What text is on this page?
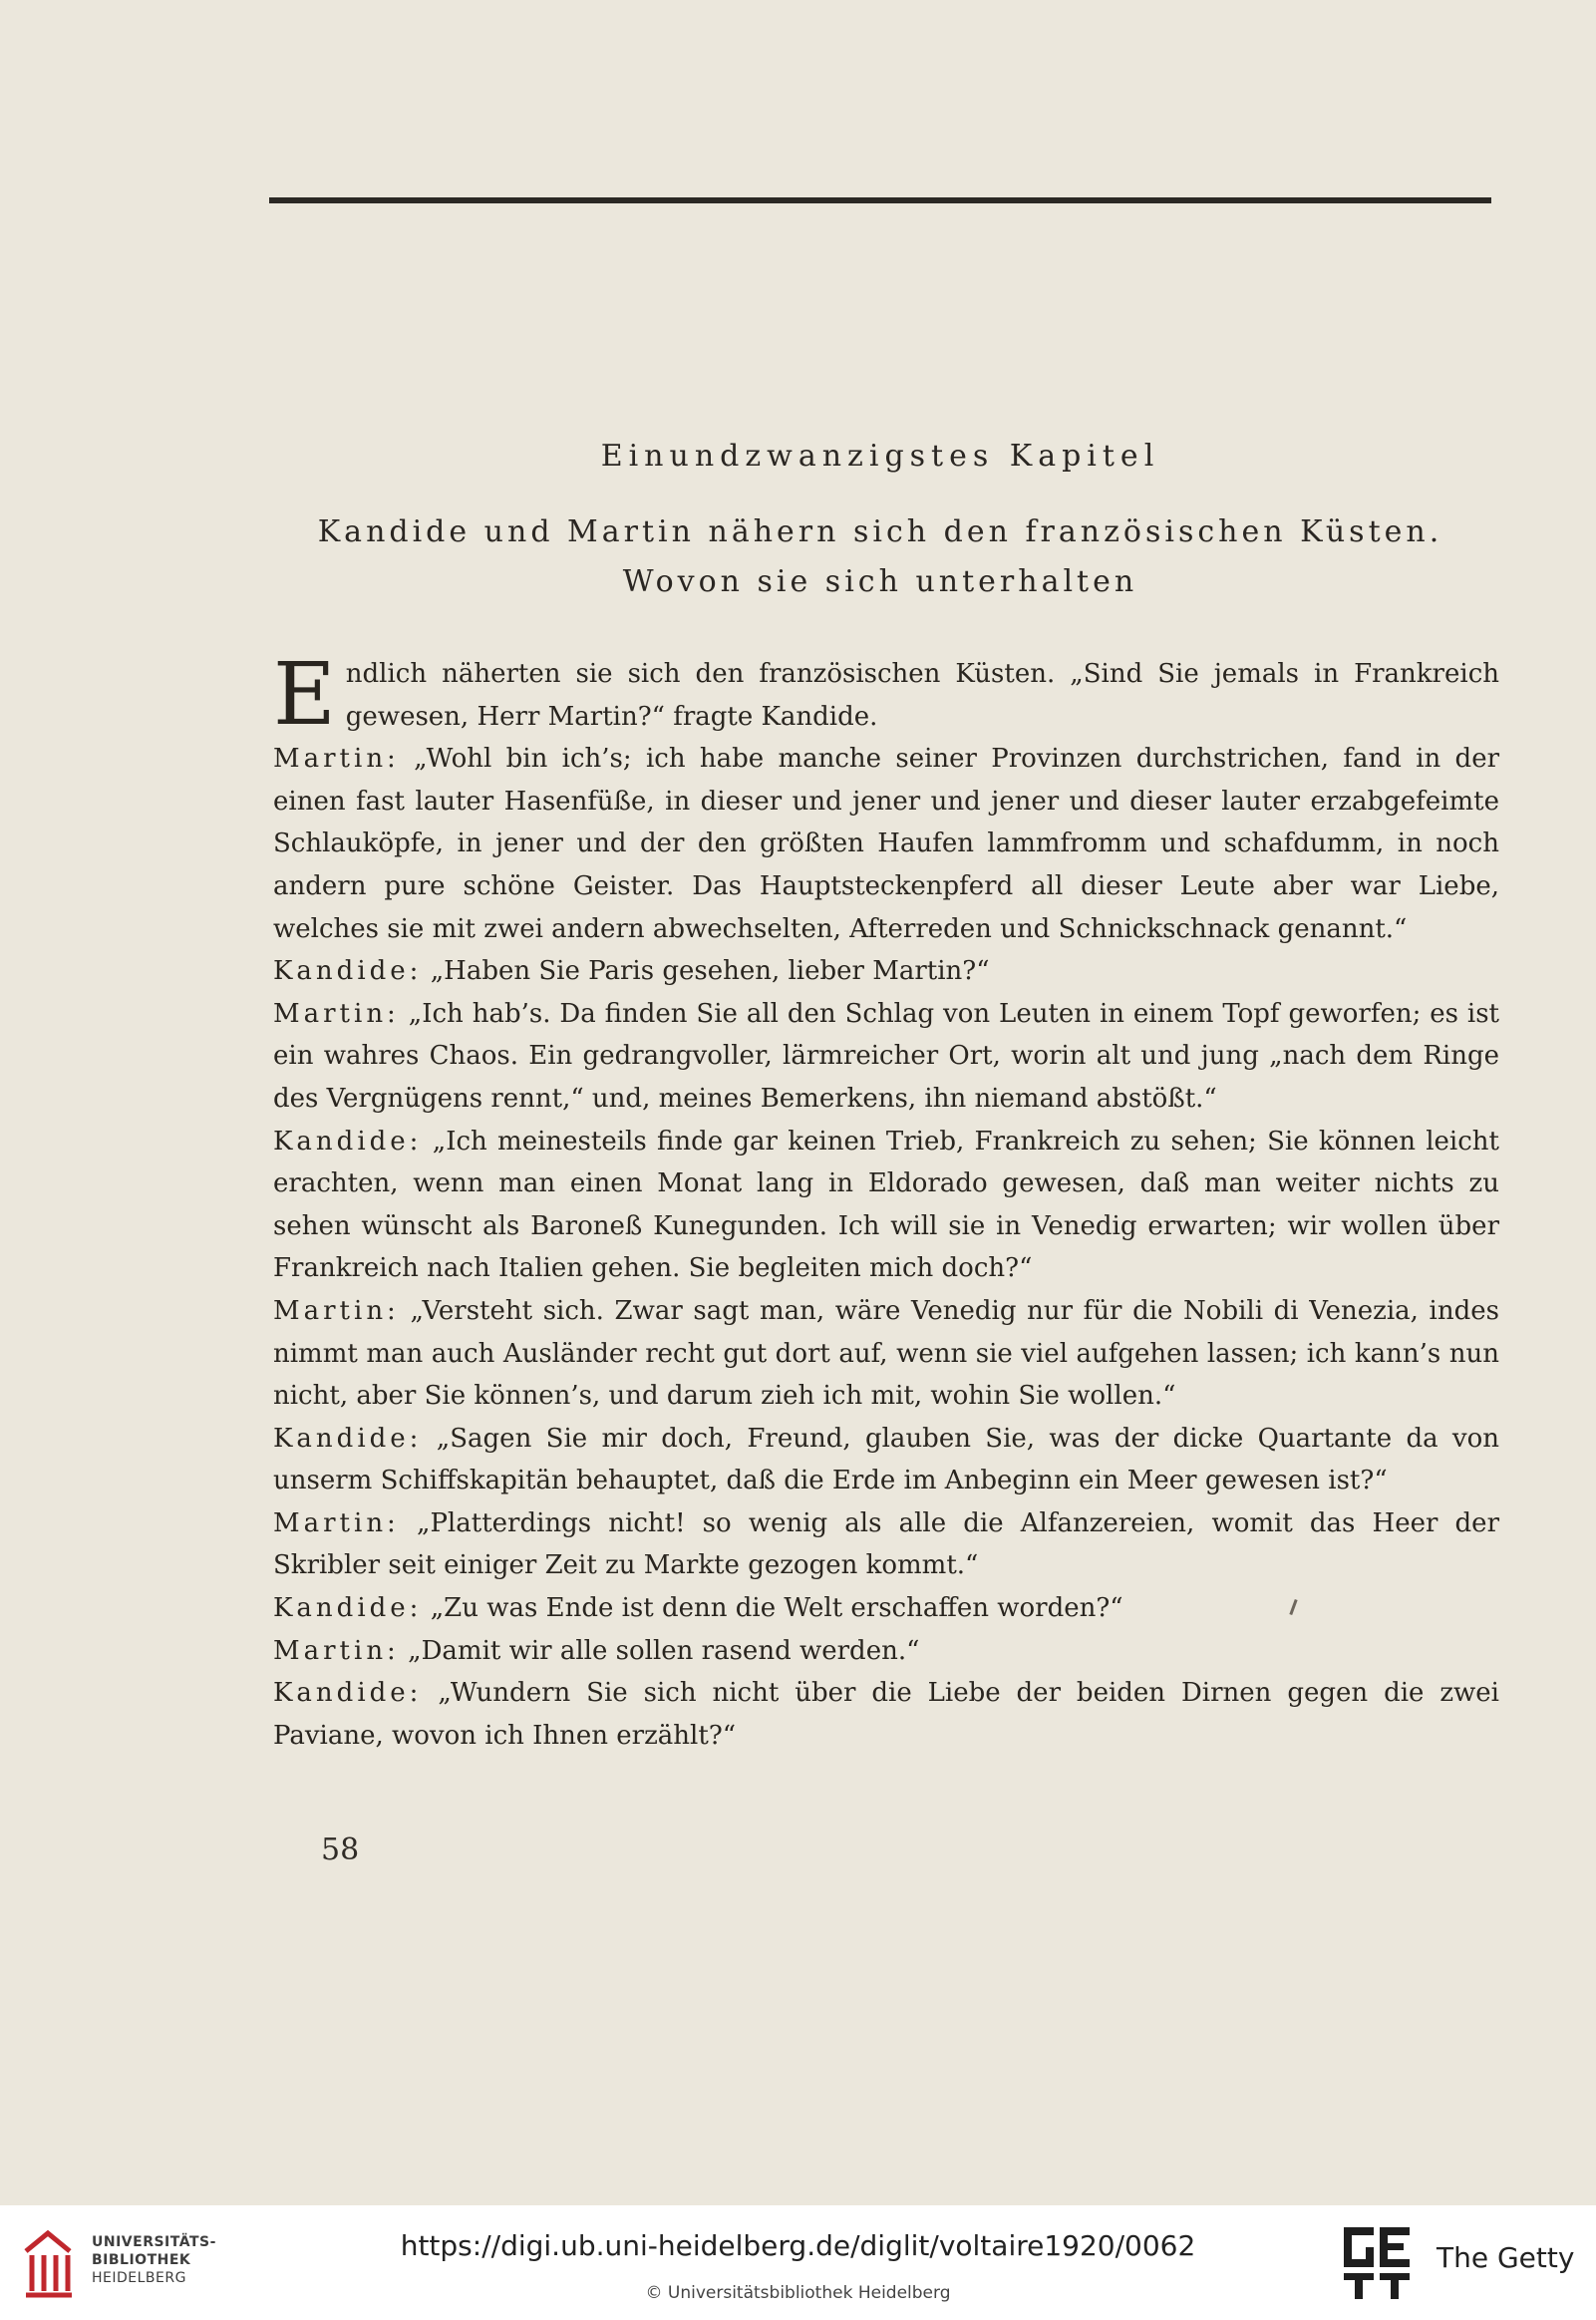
Einundzwanzigstes Kapitel
Kandide und Martin nähern sich den französischen Küsten.
Wovon sie sich unterhalten

Endlich näherten sie sich den französischen Küsten. „Sind Sie jemals in Frankreich gewesen, Herr Martin?“ fragte Kandide.

Martin: „Wohl bin ich’s; ich habe manche seiner Provinzen durchstrichen, fand in der einen fast lauter Hasenfüße, in dieser und jener und jener und dieser lauter erzabgefeimte Schlauköpfe, in jener und der den größten Haufen lammfromm und schafdumm, in noch andern pure schöne Geister. Das Hauptsteckenpferd all dieser Leute aber war Liebe, welches sie mit zwei andern abwechselten, Afterreden und Schnickschnack genannt.“

Kandide: „Haben Sie Paris gesehen, lieber Martin?“

Martin: „Ich hab’s. Da finden Sie all den Schlag von Leuten in einem Topf geworfen; es ist ein wahres Chaos. Ein gedrangvoller, lärmreicher Ort, worin alt und jung „nach dem Ringe des Vergnügens rennt,“ und, meines Bemerkens, ihn niemand abstößt.“

Kandide: „Ich meinesteils finde gar keinen Trieb, Frankreich zu sehen; Sie können leicht erachten, wenn man einen Monat lang in Eldorado gewesen, daß man weiter nichts zu sehen wünscht als Baroneß Kunegunden. Ich will sie in Venedig erwarten; wir wollen über Frankreich nach Italien gehen. Sie begleiten mich doch?“

Martin: „Versteht sich. Zwar sagt man, wäre Venedig nur für die Nobili di Venezia, indes nimmt man auch Ausländer recht gut dort auf, wenn sie viel aufgehen lassen; ich kann’s nun nicht, aber Sie können’s, und darum zieh ich mit, wohin Sie wollen.“

Kandide: „Sagen Sie mir doch, Freund, glauben Sie, was der dicke Quartante da von unserm Schiffskapitän behauptet, daß die Erde im Anbeginn ein Meer gewesen ist?“

Martin: „Platterdings nicht! so wenig als alle die Alfanzereien, womit das Heer der Skribler seit einiger Zeit zu Markte gezogen kommt.“

Kandide: „Zu was Ende ist denn die Welt erschaffen worden?“

Martin: „Damit wir alle sollen rasend werden.“

Kandide: „Wundern Sie sich nicht über die Liebe der beiden Dirnen gegen die zwei Paviane, wovon ich Ihnen erzählt?“

58
UNIVERSITÄTS-
BIBLIOTHEK
HEIDELBERG
https://digi.ub.uni-heidelberg.de/diglit/voltaire1920/0062
© Universitätsbibliothek Heidelberg
The Getty
